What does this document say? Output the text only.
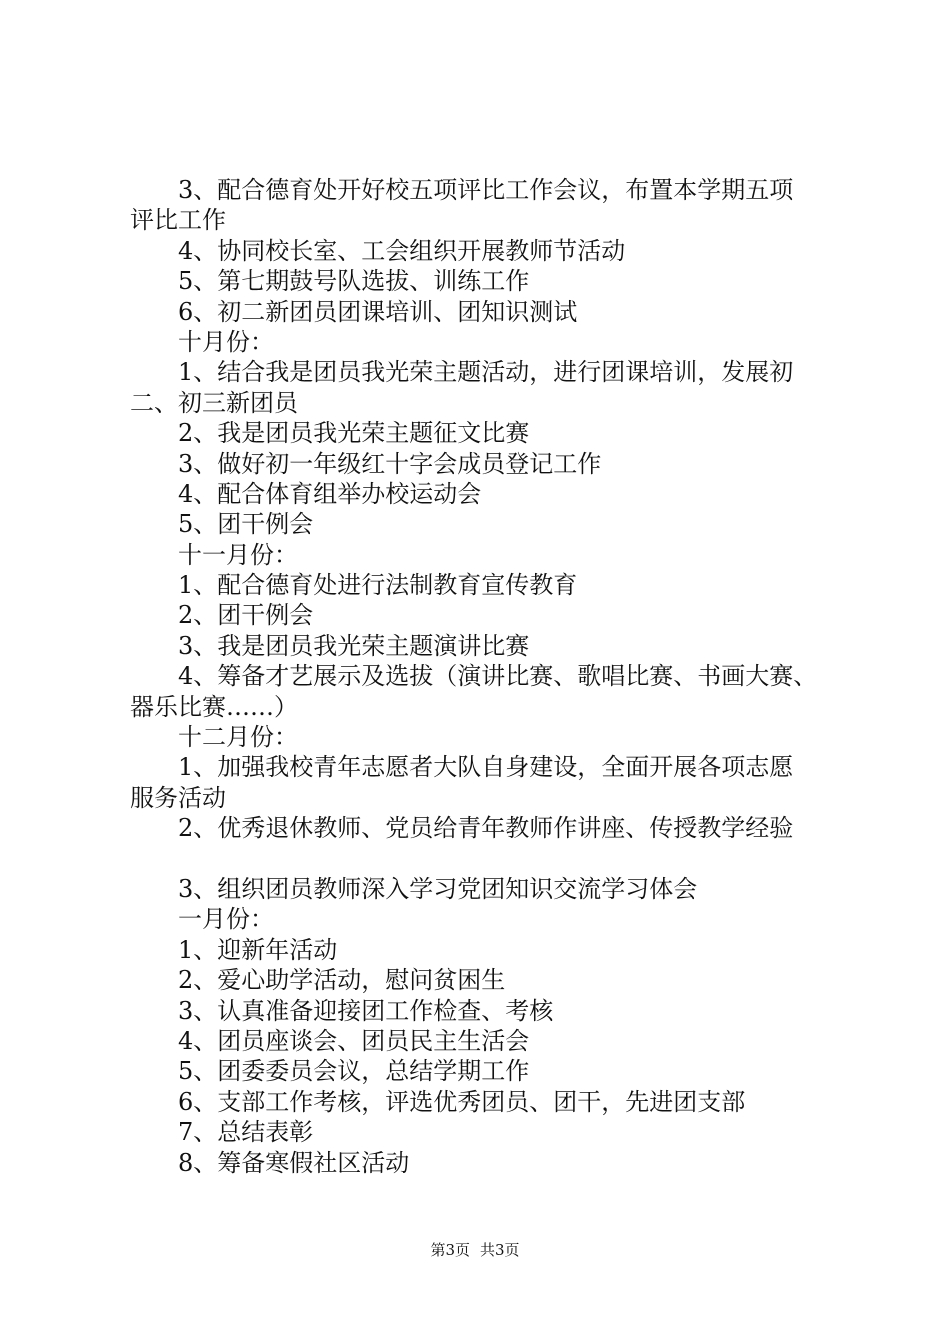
3、配合德育处开好校五项评比工作会议，布置本学期五项
评比工作
4、协同校长室、工会组织开展教师节活动
5、第七期鼓号队选拔、训练工作
6、初二新团员团课培训、团知识测试
十月份：
1、结合我是团员我光荣主题活动，进行团课培训，发展初
二、初三新团员
2、我是团员我光荣主题征文比赛
3、做好初一年级红十字会成员登记工作
4、配合体育组举办校运动会
5、团干例会
十一月份：
1、配合德育处进行法制教育宣传教育
2、团干例会
3、我是团员我光荣主题演讲比赛
4、筹备才艺展示及选拔（演讲比赛、歌唱比赛、书画大赛、
器乐比赛……）
十二月份：
1、加强我校青年志愿者大队自身建设，全面开展各项志愿
服务活动
2、优秀退休教师、党员给青年教师作讲座、传授教学经验
3、组织团员教师深入学习党团知识交流学习体会
一月份：
1、迎新年活动
2、爱心助学活动，慰问贫困生
3、认真准备迎接团工作检查、考核
4、团员座谈会、团员民主生活会
5、团委委员会议，总结学期工作
6、支部工作考核，评选优秀团员、团干，先进团支部
7、总结表彰
8、筹备寒假社区活动
第3页 共3页
